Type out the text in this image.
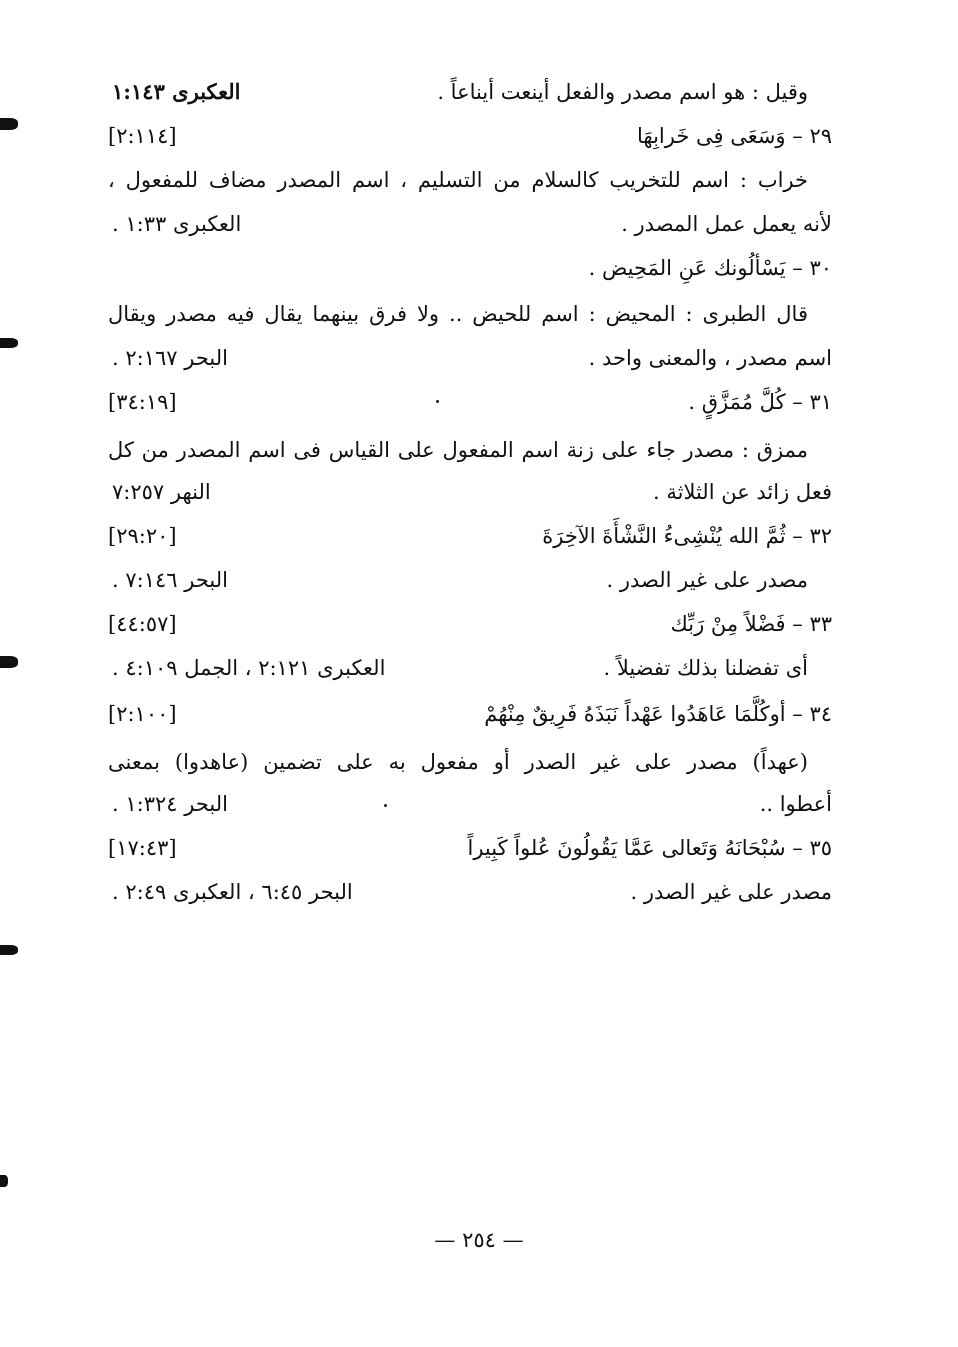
وقيل : هو اسم مصدر والفعل أينعت أيناعاً .
العكبرى ١:١٤٣
٢٩ – وَسَعَى فِى خَرابِهَا
[٢:١١٤]
خراب : اسم للتخريب كالسلام من التسليم ، اسم المصدر مضاف للمفعول ،
لأنه يعمل عمل المصدر .
العكبرى ١:٣٣ .
٣٠ – يَسْألُونك عَنِ المَحِيض .
قال الطبرى : المحيض : اسم للحيض .. ولا فرق بينهما يقال فيه مصدر ويقال
اسم مصدر ، والمعنى واحد .
البحر ٢:١٦٧ .
٣١ – كُلَّ مُمَزَّقٍ .
[٣٤:١٩]
ممزق : مصدر جاء على زنة اسم المفعول على القياس فى اسم المصدر من كل
فعل زائد عن الثلاثة .
النهر ٧:٢٥٧
٣٢ – ثُمَّ الله يُنْشِىءُ النَّشْأَةَ الآخِرَةَ
[٢٩:٢٠]
مصدر على غير الصدر .
البحر ٧:١٤٦ .
٣٣ – فَضْلاً مِنْ رَبِّك
[٤٤:٥٧]
أى تفضلنا بذلك تفضيلاً .
العكبرى ٢:١٢١ ، الجمل ٤:١٠٩ .
٣٤ – أوكُلَّمَا عَاهَدُوا عَهْداً نَبَذَهُ فَرِيقٌ مِنْهُمْ
[٢:١٠٠]
(عهداً) مصدر على غير الصدر أو مفعول به على تضمين (عاهدوا) بمعنى
أعطوا ..
البحر ١:٣٢٤ .
٣٥ – سُبْحَانَهُ وَتَعالى عَمَّا يَقُولُونَ عُلواً كَبِيراً
[١٧:٤٣]
مصدر على غير الصدر .
البحر ٦:٤٥ ، العكبرى ٢:٤٩ .
— ٢٥٤ —
